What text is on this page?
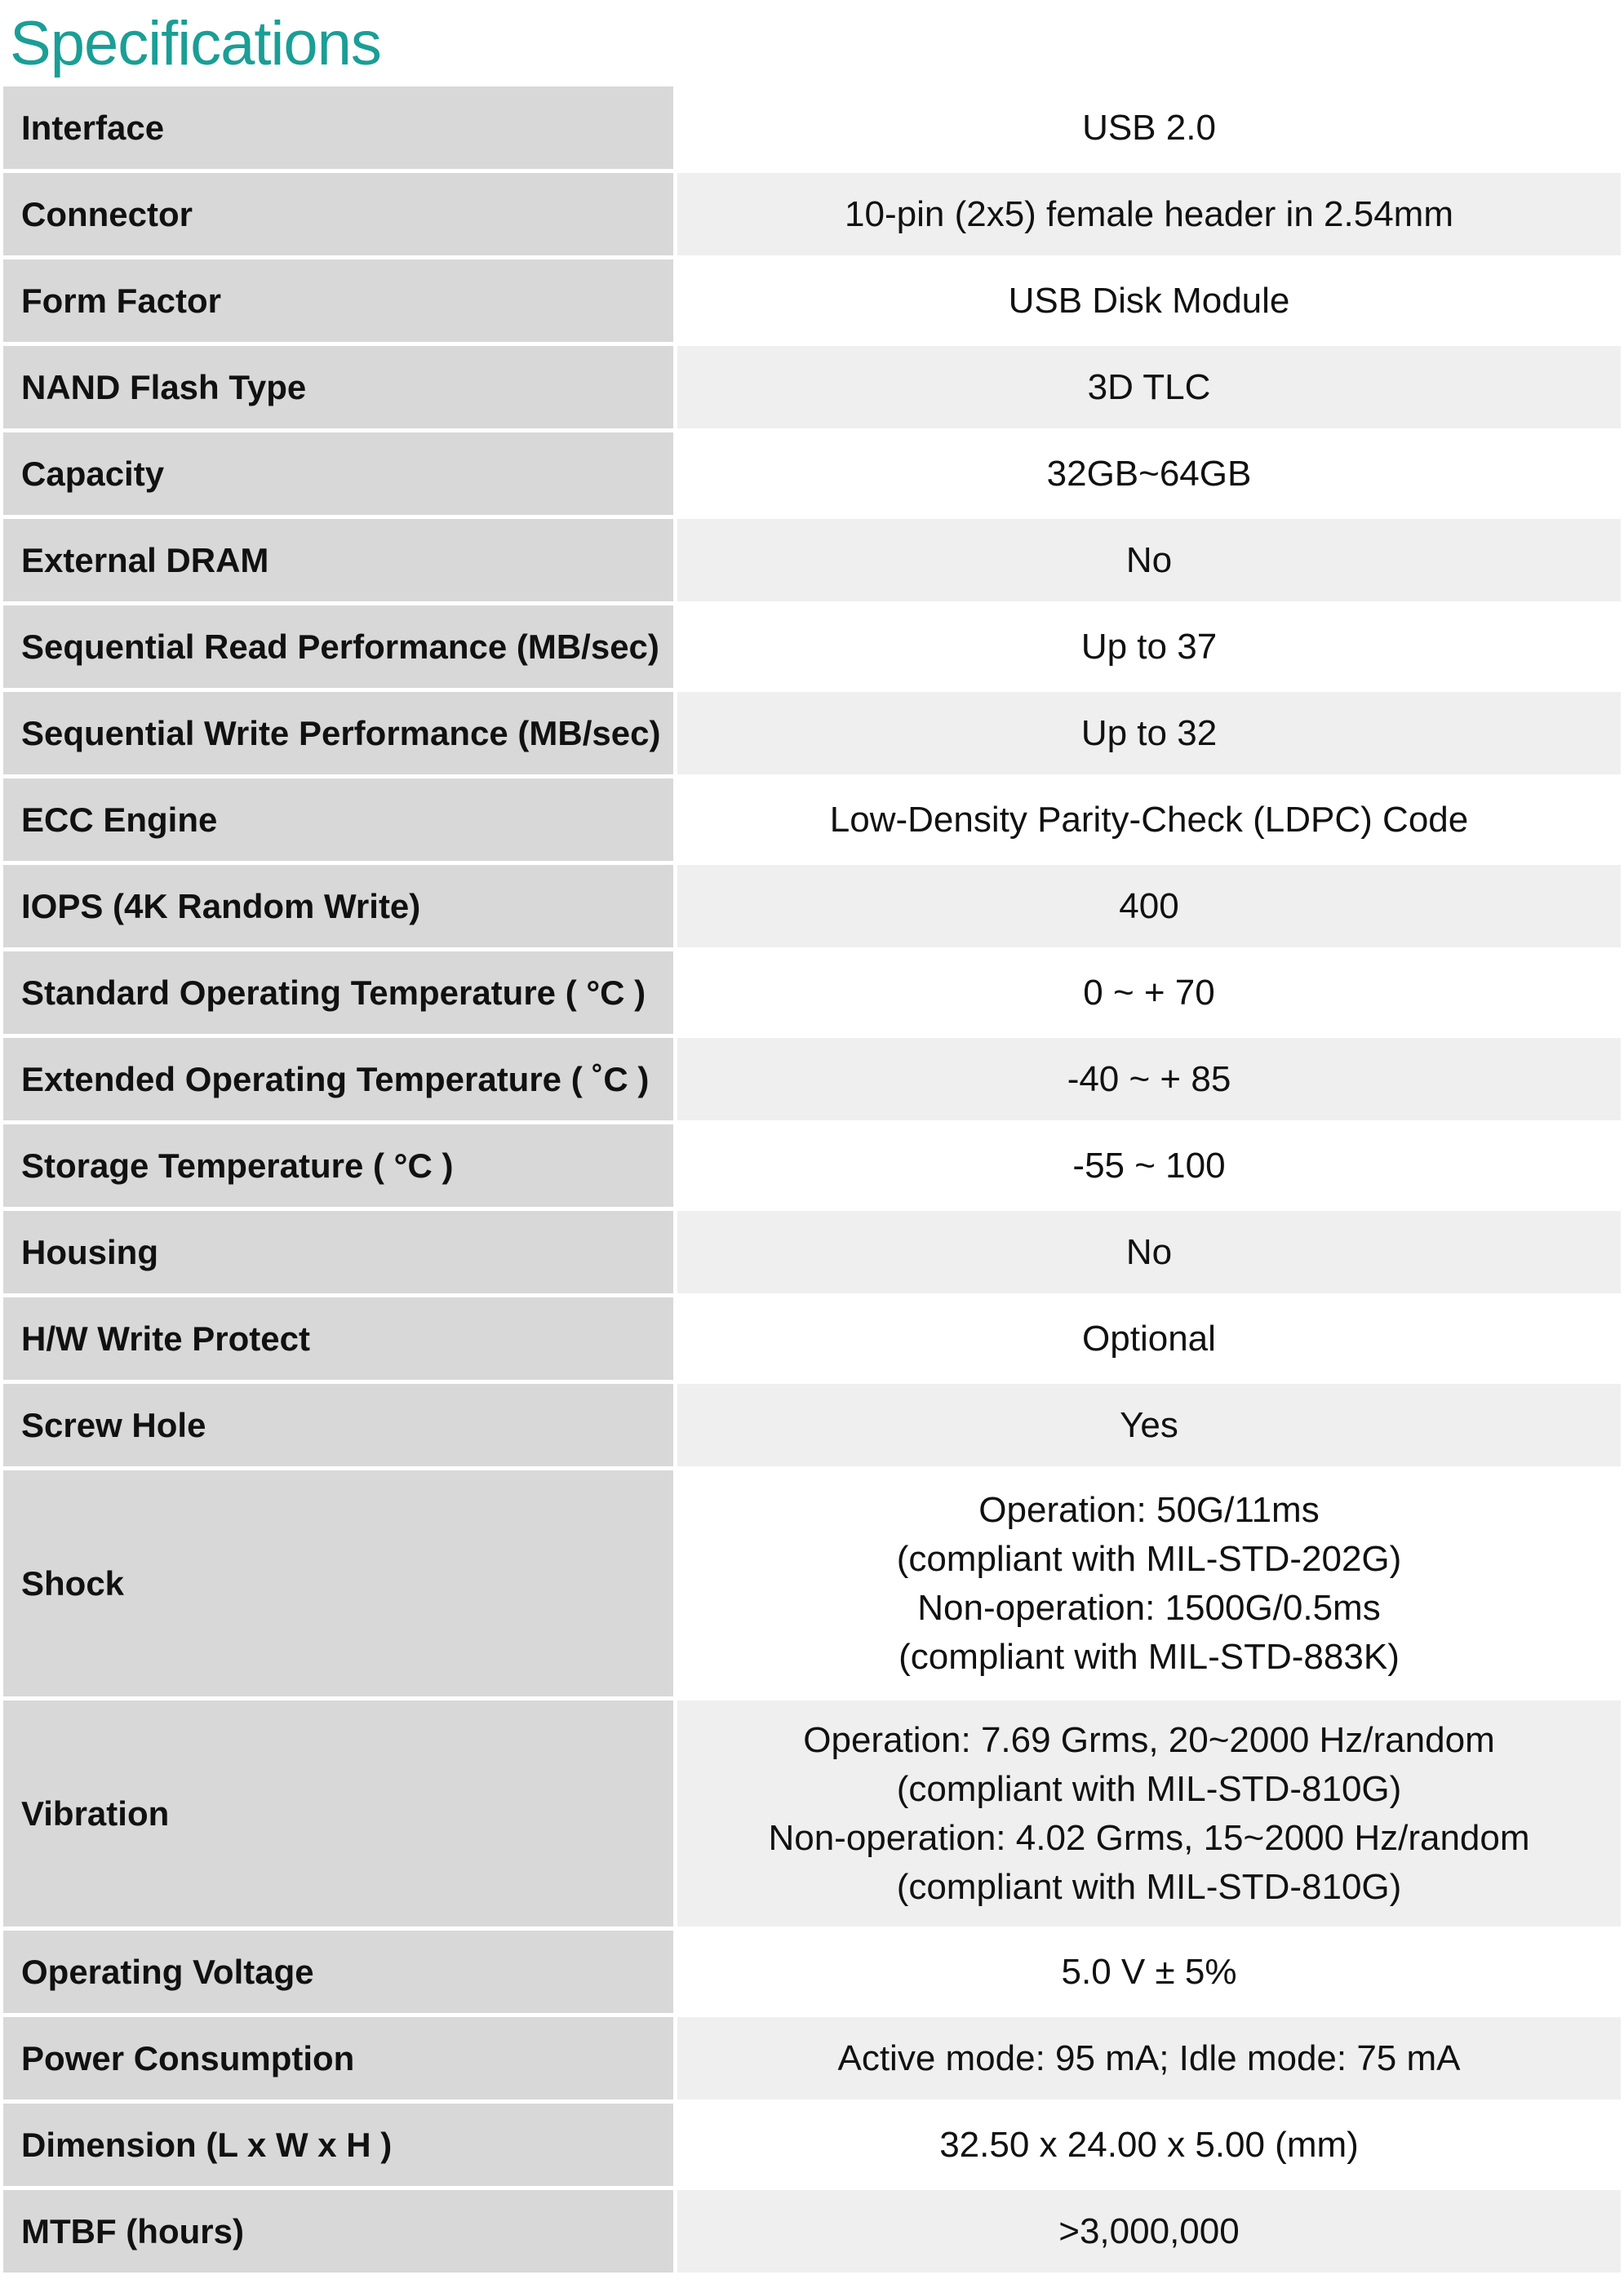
Specifications
Interface	USB 2.0

Connector	10-pin (2x5) female header in 2.54mm

Form Factor	USB Disk Module

NAND Flash Type	3D TLC

Capacity	32GB~64GB

External DRAM	No

Sequential Read Performance (MB/sec)	Up to 37

Sequential Write Performance (MB/sec)	Up to 32

ECC Engine	Low-Density Parity-Check (LDPC) Code

IOPS (4K Random Write)	400

Standard Operating Temperature ( °C )	0 ~ + 70

Extended Operating Temperature ( ˚C )	-40 ~ + 85

Storage Temperature ( °C )	-55 ~ 100

Housing	No

H/W Write Protect	Optional

Screw Hole	Yes

Shock	Operation: 50G/11ms
(compliant with MIL-STD-202G)
Non-operation: 1500G/0.5ms
(compliant with MIL-STD-883K)

Vibration	Operation: 7.69 Grms, 20~2000 Hz/random
(compliant with MIL-STD-810G)
Non-operation: 4.02 Grms, 15~2000 Hz/random
(compliant with MIL-STD-810G)

Operating Voltage	5.0 V ± 5%

Power Consumption	Active mode: 95 mA; Idle mode: 75 mA

Dimension (L x W x H )	32.50 x 24.00 x 5.00 (mm)

MTBF (hours)	>3,000,000
